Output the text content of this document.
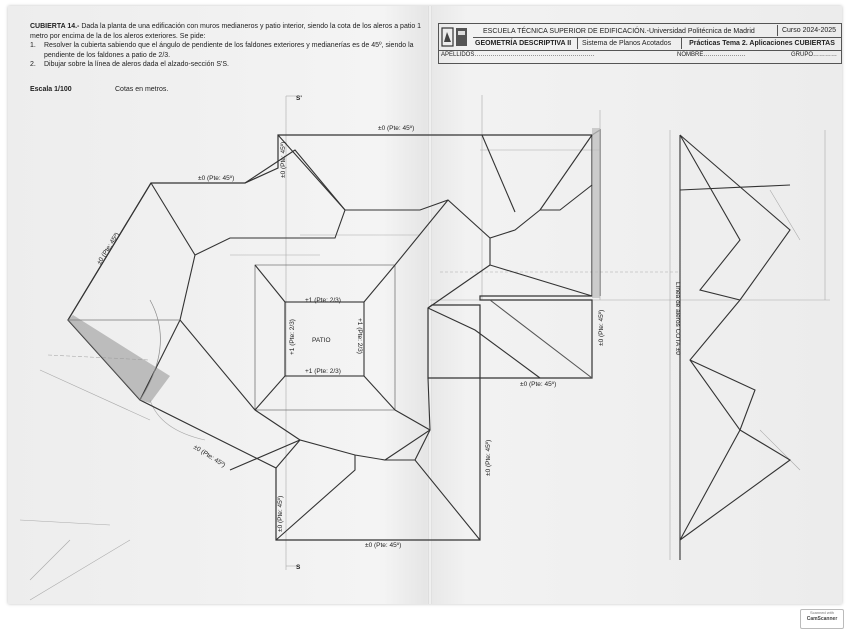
CUBIERTA 14.- Dada la planta de una edificación con muros medianeros y patio interior, siendo la cota de los aleros a patio 1 metro por encima de la de los aleros exteriores. Se pide:
1.	Resolver la cubierta sabiendo que el ángulo de pendiente de los faldones exteriores y medianerías es de 45º, siendo la pendiente de los faldones a patio de 2/3.
2.	Dibujar sobre la línea de aleros dada el alzado-sección S'S.
Escala 1/100	Cotas en metros.
ESCUELA TÉCNICA SUPERIOR DE EDIFICACIÓN.-Universidad Politécnica de Madrid	Curso 2024-2025
GEOMETRÍA DESCRIPTIVA II	Sistema de Planos Acotados	Prácticas Tema 2. Aplicaciones CUBIERTAS
APELLIDOS……………………………………………………	NOMBRE…………………	GRUPO…………
S'
S
PATIO
±0 (Pte: 45º)
±0 (Pte: 45º)
±0 (Pte: 45º)
±0 (Pte: 45º)
±0 (Pte: 45º)
±0 (Pte: 45º)
±0 (Pte: 45º)
±0 (Pte: 45º)
±0 (Pte: 45º)
±0 (Pte: 45º)
+1 (Pte: 2/3)
+1 (Pte: 2/3)
+1 (Pte: 2/3)	+1 (Pte: 2/3)	Línea de aleros COTA ±0
Scanned with
CamScanner
